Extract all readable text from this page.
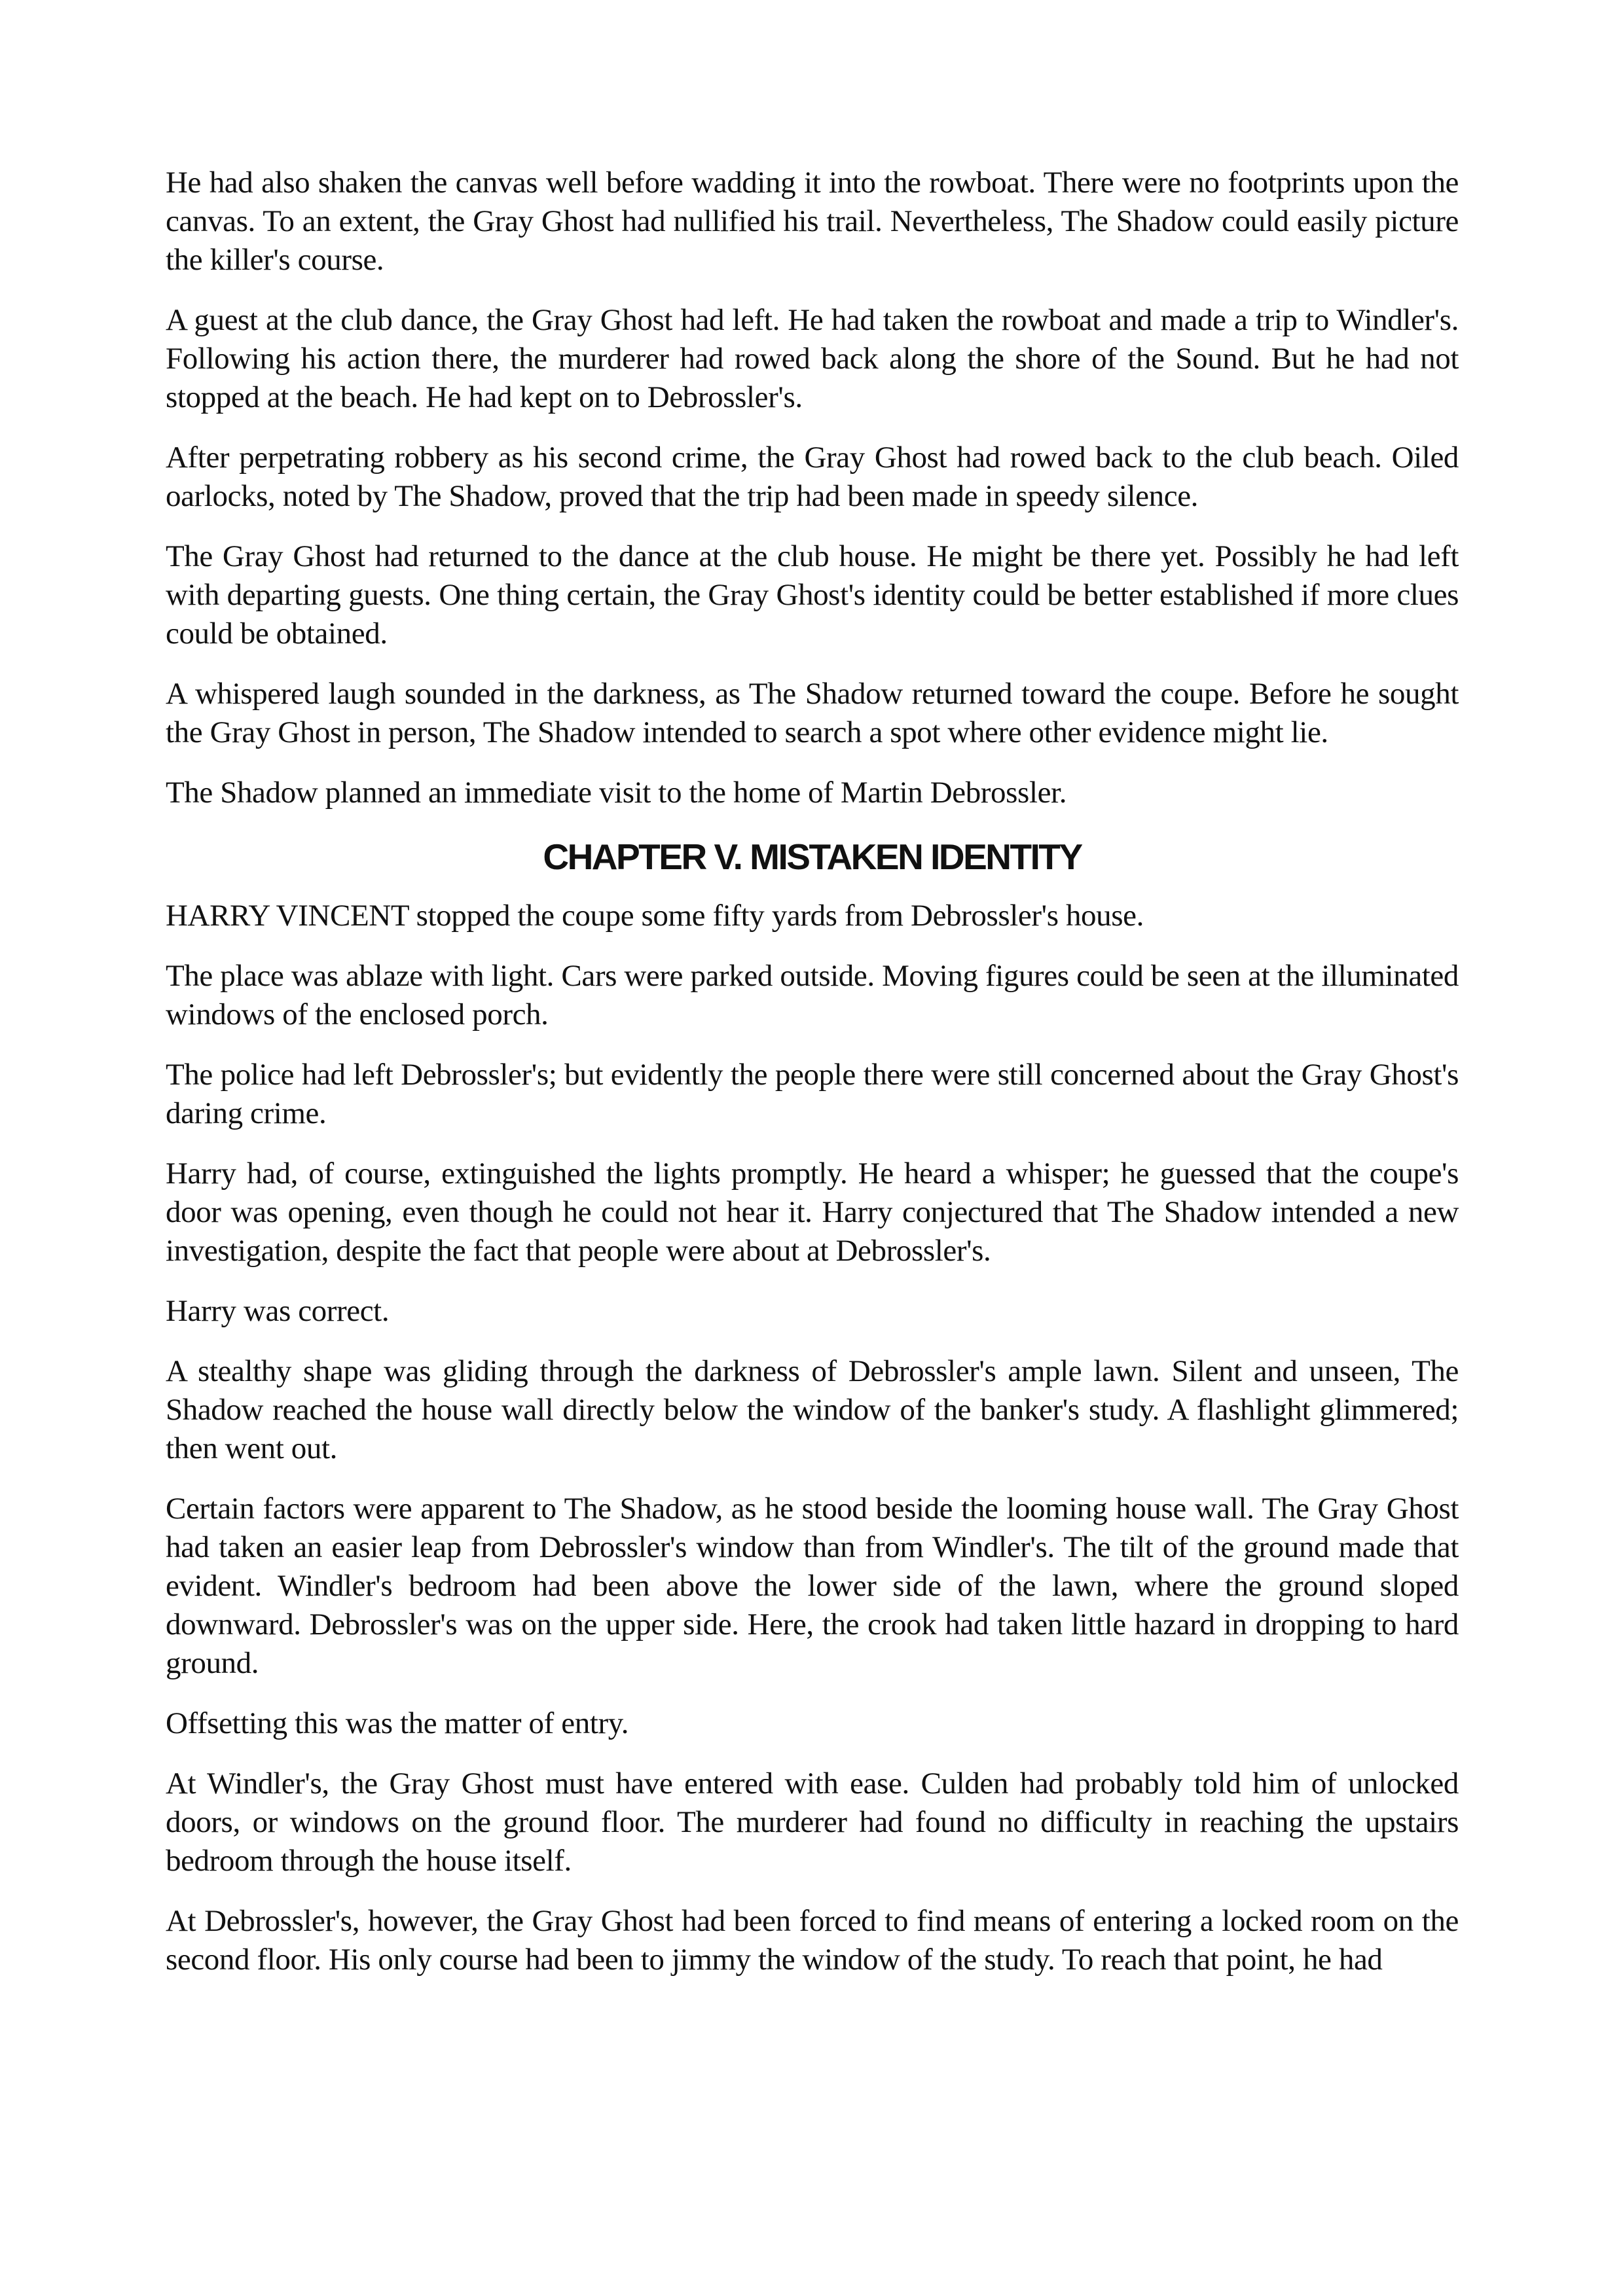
He had also shaken the canvas well before wadding it into the rowboat. There were no footprints upon the canvas. To an extent, the Gray Ghost had nullified his trail. Nevertheless, The Shadow could easily picture the killer's course.

A guest at the club dance, the Gray Ghost had left. He had taken the rowboat and made a trip to Windler's. Following his action there, the murderer had rowed back along the shore of the Sound. But he had not stopped at the beach. He had kept on to Debrossler's.

After perpetrating robbery as his second crime, the Gray Ghost had rowed back to the club beach. Oiled oarlocks, noted by The Shadow, proved that the trip had been made in speedy silence.

The Gray Ghost had returned to the dance at the club house. He might be there yet. Possibly he had left with departing guests. One thing certain, the Gray Ghost's identity could be better established if more clues could be obtained.

A whispered laugh sounded in the darkness, as The Shadow returned toward the coupe. Before he sought the Gray Ghost in person, The Shadow intended to search a spot where other evidence might lie.

The Shadow planned an immediate visit to the home of Martin Debrossler.

CHAPTER V. MISTAKEN IDENTITY

HARRY VINCENT stopped the coupe some fifty yards from Debrossler's house.

The place was ablaze with light. Cars were parked outside. Moving figures could be seen at the illuminated windows of the enclosed porch.

The police had left Debrossler's; but evidently the people there were still concerned about the Gray Ghost's daring crime.

Harry had, of course, extinguished the lights promptly. He heard a whisper; he guessed that the coupe's door was opening, even though he could not hear it. Harry conjectured that The Shadow intended a new investigation, despite the fact that people were about at Debrossler's.

Harry was correct.

A stealthy shape was gliding through the darkness of Debrossler's ample lawn. Silent and unseen, The Shadow reached the house wall directly below the window of the banker's study. A flashlight glimmered; then went out.

Certain factors were apparent to The Shadow, as he stood beside the looming house wall. The Gray Ghost had taken an easier leap from Debrossler's window than from Windler's. The tilt of the ground made that evident. Windler's bedroom had been above the lower side of the lawn, where the ground sloped downward. Debrossler's was on the upper side. Here, the crook had taken little hazard in dropping to hard ground.

Offsetting this was the matter of entry.

At Windler's, the Gray Ghost must have entered with ease. Culden had probably told him of unlocked doors, or windows on the ground floor. The murderer had found no difficulty in reaching the upstairs bedroom through the house itself.

At Debrossler's, however, the Gray Ghost had been forced to find means of entering a locked room on the second floor. His only course had been to jimmy the window of the study. To reach that point, he had
